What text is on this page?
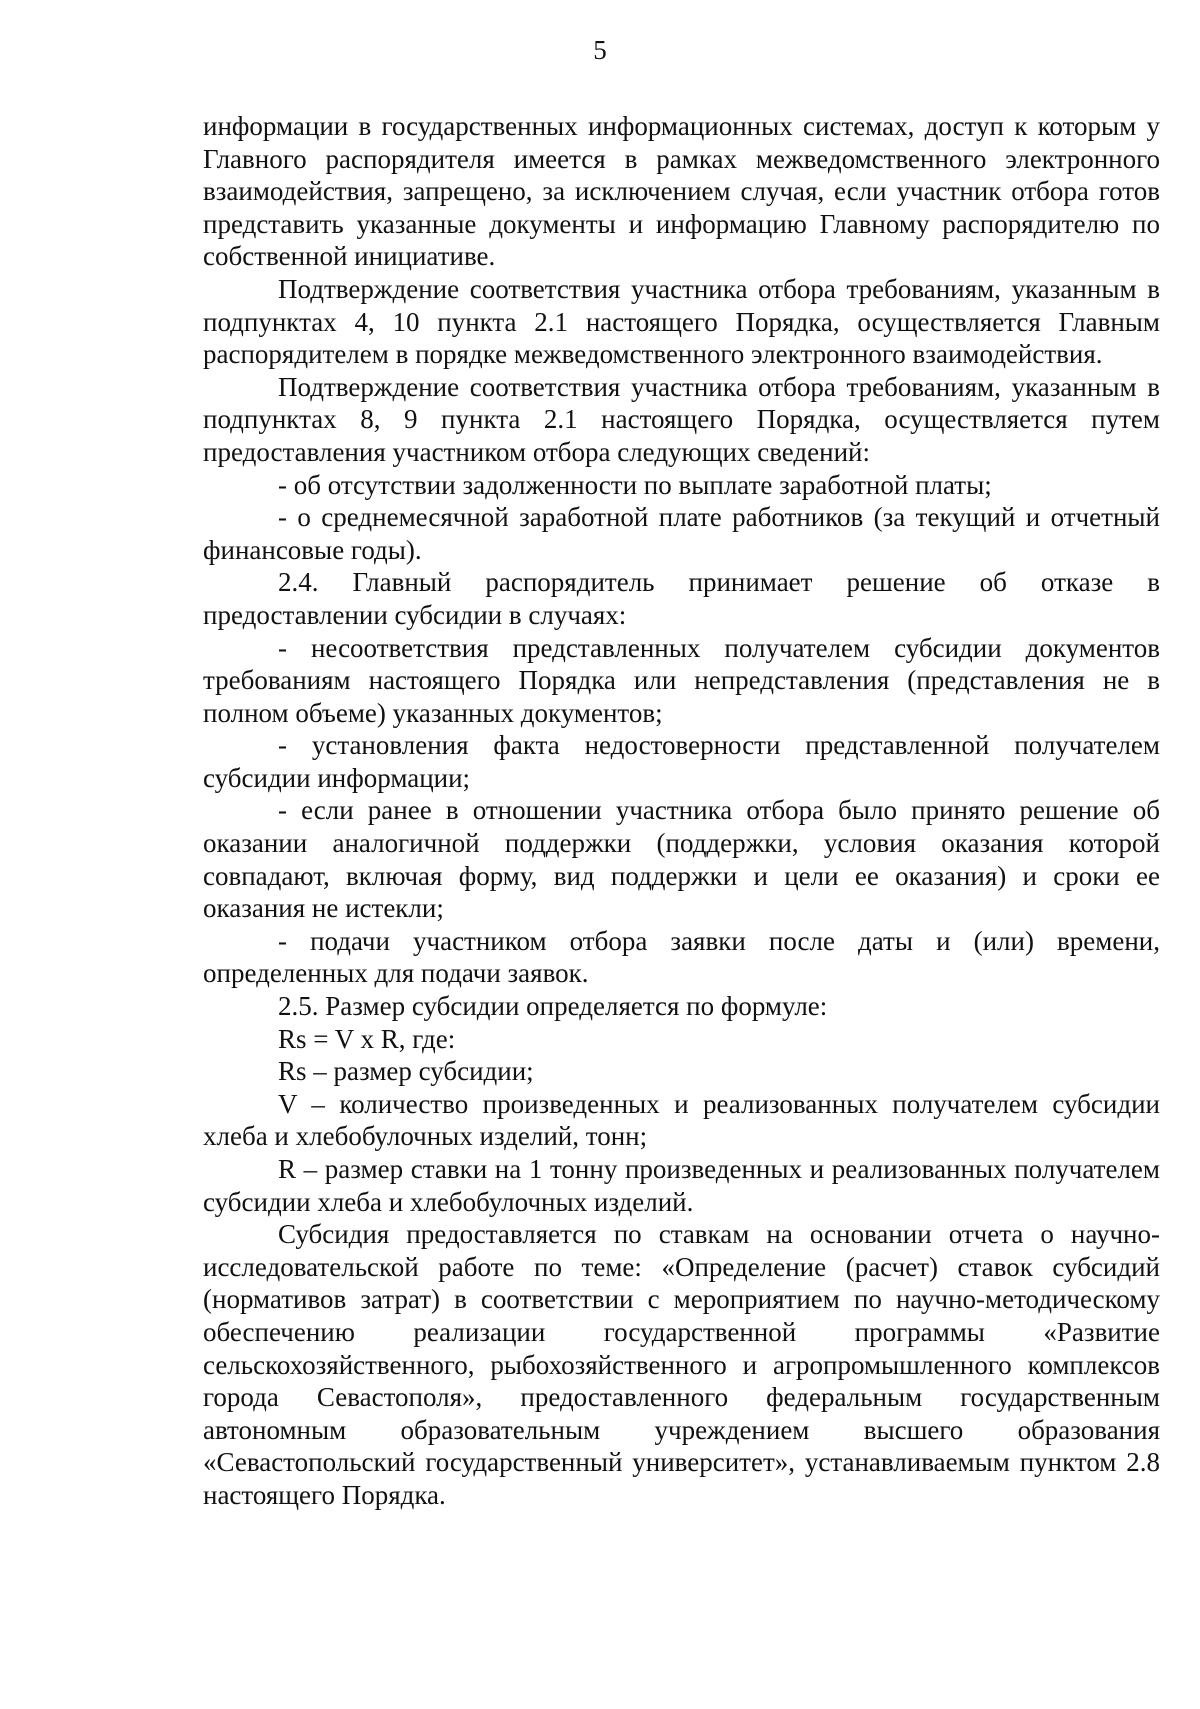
5

информации в государственных информационных системах, доступ к которым у Главного распорядителя имеется в рамках межведомственного электронного взаимодействия, запрещено, за исключением случая, если участник отбора готов представить указанные документы и информацию Главному распорядителю по собственной инициативе.

Подтверждение соответствия участника отбора требованиям, указанным в подпунктах 4, 10 пункта 2.1 настоящего Порядка, осуществляется Главным распорядителем в порядке межведомственного электронного взаимодействия.

Подтверждение соответствия участника отбора требованиям, указанным в подпунктах 8, 9 пункта 2.1 настоящего Порядка, осуществляется путем предоставления участником отбора следующих сведений:

- об отсутствии задолженности по выплате заработной платы;

- о среднемесячной заработной плате работников (за текущий и отчетный финансовые годы).

2.4. Главный распорядитель принимает решение об отказе в предоставлении субсидии в случаях:

- несоответствия представленных получателем субсидии документов требованиям настоящего Порядка или непредставления (представления не в полном объеме) указанных документов;

- установления факта недостоверности представленной получателем субсидии информации;

- если ранее в отношении участника отбора было принято решение об оказании аналогичной поддержки (поддержки, условия оказания которой совпадают, включая форму, вид поддержки и цели ее оказания) и сроки ее оказания не истекли;

- подачи участником отбора заявки после даты и (или) времени, определенных для подачи заявок.

2.5. Размер субсидии определяется по формуле:

Rs = V x R, где:

Rs – размер субсидии;

V – количество произведенных и реализованных получателем субсидии хлеба и хлебобулочных изделий, тонн;

R – размер ставки на 1 тонну произведенных и реализованных получателем субсидии хлеба и хлебобулочных изделий.

Субсидия предоставляется по ставкам на основании отчета о научно-исследовательской работе по теме: «Определение (расчет) ставок субсидий (нормативов затрат) в соответствии с мероприятием по научно-методическому обеспечению реализации государственной программы «Развитие сельскохозяйственного, рыбохозяйственного и агропромышленного комплексов города Севастополя», предоставленного федеральным государственным автономным образовательным учреждением высшего образования «Севастопольский государственный университет», устанавливаемым пунктом 2.8 настоящего Порядка.
